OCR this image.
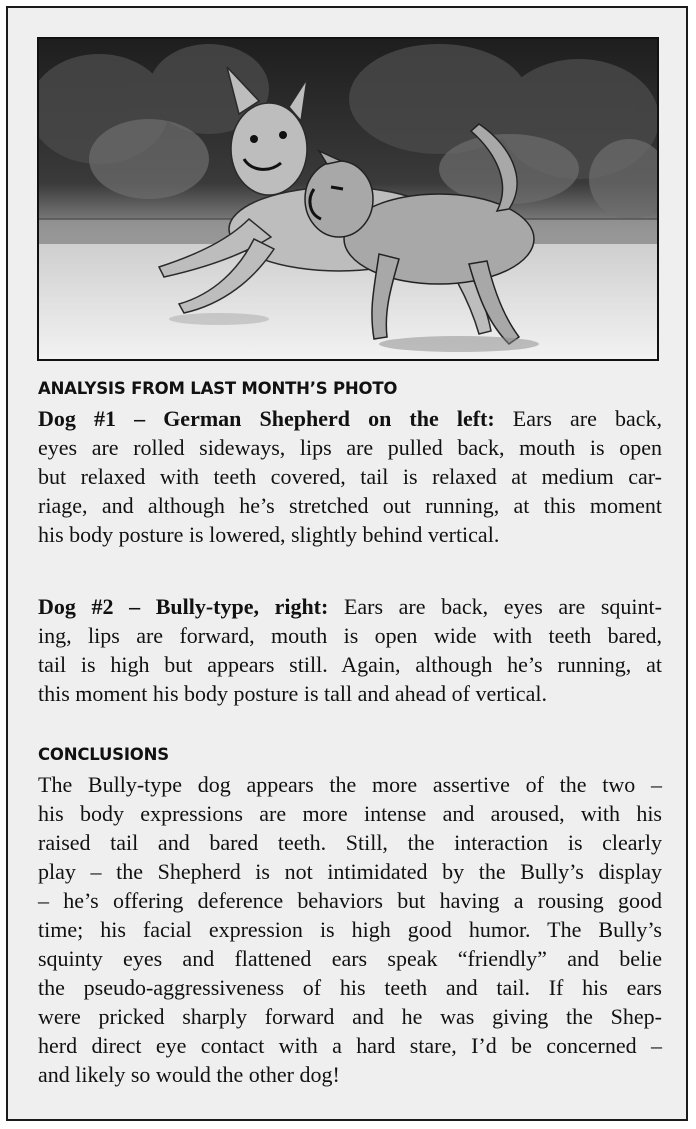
ANALYSIS FROM LAST MONTH’S PHOTO
Dog #1 – German Shepherd on the left: Ears are back,
eyes are rolled sideways, lips are pulled back, mouth is open
but relaxed with teeth covered, tail is relaxed at medium car-
riage, and although he’s stretched out running, at this moment
his body posture is lowered, slightly behind vertical.
Dog #2 – Bully-type, right: Ears are back, eyes are squint-
ing, lips are forward, mouth is open wide with teeth bared,
tail is high but appears still. Again, although he’s running, at
this moment his body posture is tall and ahead of vertical.
CONCLUSIONS
The Bully-type dog appears the more assertive of the two –
his body expressions are more intense and aroused, with his
raised tail and bared teeth. Still, the interaction is clearly
play – the Shepherd is not intimidated by the Bully’s display
– he’s offering deference behaviors but having a rousing good
time; his facial expression is high good humor. The Bully’s
squinty eyes and flattened ears speak “friendly” and belie
the pseudo-aggressiveness of his teeth and tail. If his ears
were pricked sharply forward and he was giving the Shep-
herd direct eye contact with a hard stare, I’d be concerned –
and likely so would the other dog!
